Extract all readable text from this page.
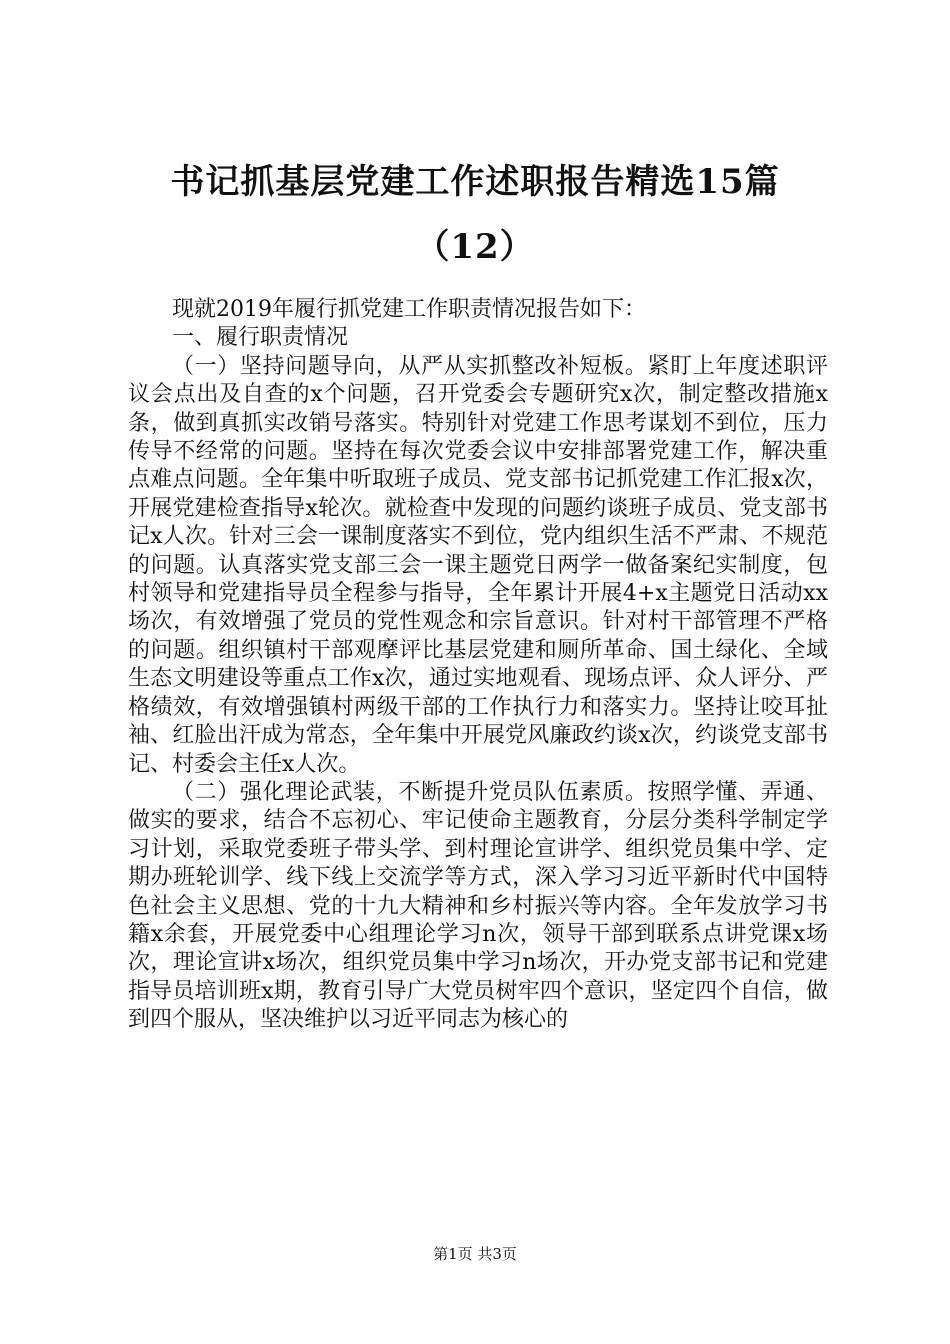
书记抓基层党建工作述职报告精选15篇
（12）

现就2019年履行抓党建工作职责情况报告如下：

一、履行职责情况

（一）坚持问题导向，从严从实抓整改补短板。紧盯上年度述职评议会点出及自查的x个问题，召开党委会专题研究x次，制定整改措施x条，做到真抓实改销号落实。特别针对党建工作思考谋划不到位，压力传导不经常的问题。坚持在每次党委会议中安排部署党建工作，解决重点难点问题。全年集中听取班子成员、党支部书记抓党建工作汇报x次，开展党建检查指导x轮次。就检查中发现的问题约谈班子成员、党支部书记x人次。针对三会一课制度落实不到位，党内组织生活不严肃、不规范的问题。认真落实党支部三会一课主题党日两学一做备案纪实制度，包村领导和党建指导员全程参与指导，全年累计开展4+x主题党日活动xx场次，有效增强了党员的党性观念和宗旨意识。针对村干部管理不严格的问题。组织镇村干部观摩评比基层党建和厕所革命、国土绿化、全域生态文明建设等重点工作x次，通过实地观看、现场点评、众人评分、严格绩效，有效增强镇村两级干部的工作执行力和落实力。坚持让咬耳扯袖、红脸出汗成为常态，全年集中开展党风廉政约谈x次，约谈党支部书记、村委会主任x人次。

（二）强化理论武装，不断提升党员队伍素质。按照学懂、弄通、做实的要求，结合不忘初心、牢记使命主题教育，分层分类科学制定学习计划，采取党委班子带头学、到村理论宣讲学、组织党员集中学、定期办班轮训学、线下线上交流学等方式，深入学习习近平新时代中国特色社会主义思想、党的十九大精神和乡村振兴等内容。全年发放学习书籍x余套，开展党委中心组理论学习n次，领导干部到联系点讲党课x场次，理论宣讲x场次，组织党员集中学习n场次，开办党支部书记和党建指导员培训班x期，教育引导广大党员树牢四个意识，坚定四个自信，做到四个服从，坚决维护以习近平同志为核心的

第1页 共3页
